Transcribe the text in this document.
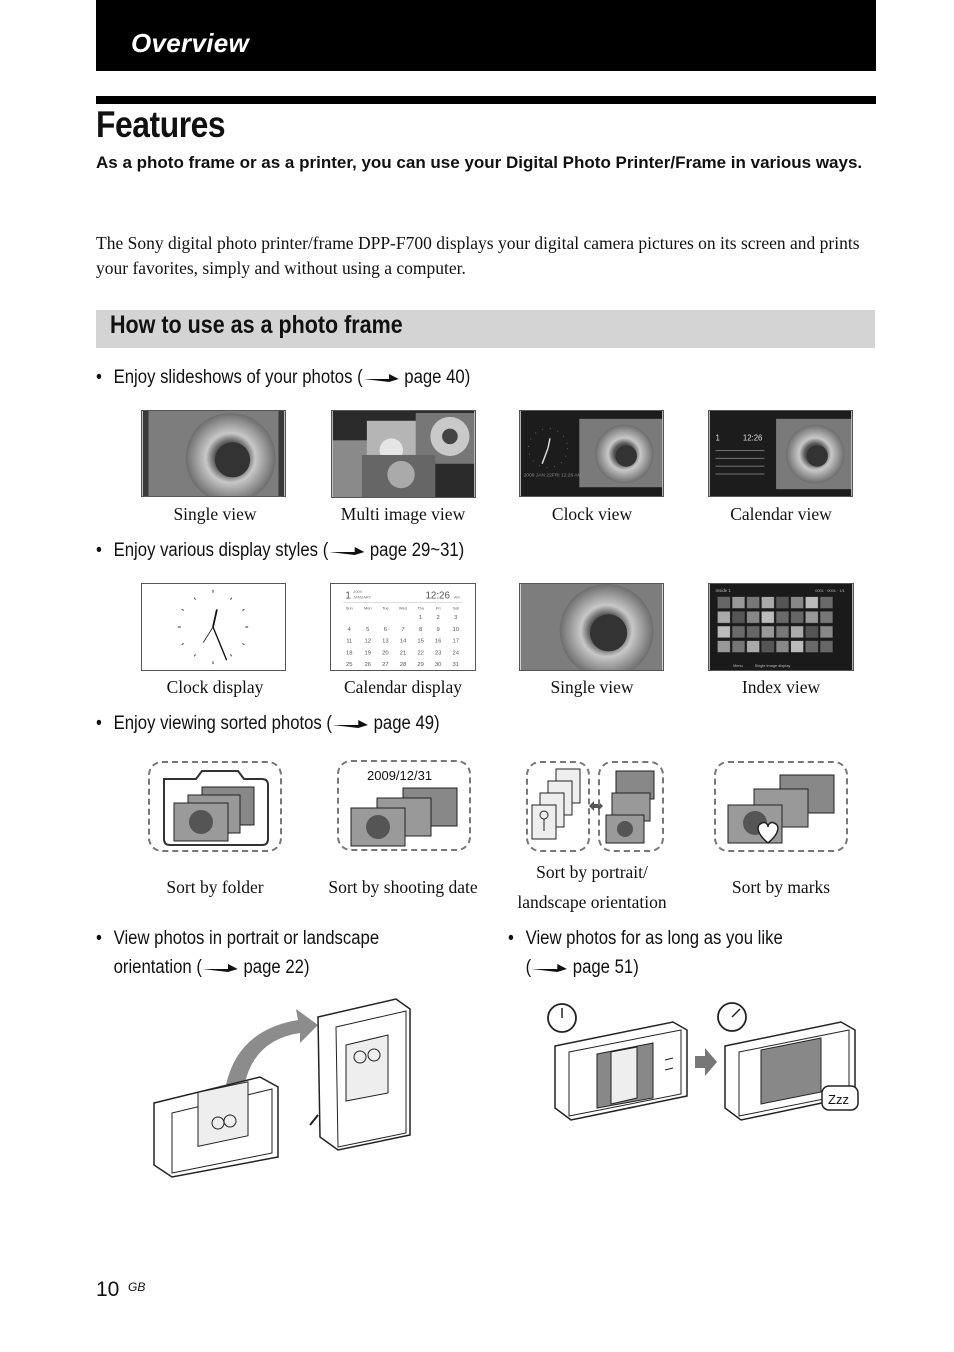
Overview
Features
As a photo frame or as a printer, you can use your Digital Photo Printer/Frame in various ways.
The Sony digital photo printer/frame DPP-F700 displays your digital camera pictures on its screen and prints your favorites, simply and without using a computer.
How to use as a photo frame
• Enjoy slideshows of your photos ( page 40)
2009 JAN 22FRI 12:26 AM
1	12:26
Single view	Multi image view	Clock view	Calendar view
• Enjoy various display styles ( page 29~31)
1 2009
JANUARY	12:26 AM
Sun	Mon	Tue	Wed	Thu	Fri	Sat
1 2 3
4	5 6 7 8 9 10
11 12 13 14 15 16 17
18 19 20 21 22 23 24
25 26 27 28 29 30 31
Inside 1	0001 · 0001 · 1/1
Menu	Single image display
Clock display	Calendar display	Single view	Index view
• Enjoy viewing sorted photos ( page 49)
2009/12/31
Sort by folder	Sort by shooting date
Sort by portrait/
landscape orientation
Sort by marks
• View photos in portrait or landscape
orientation ( page 22)
• View photos for as long as you like
( page 51)
Zzz
10 GB
